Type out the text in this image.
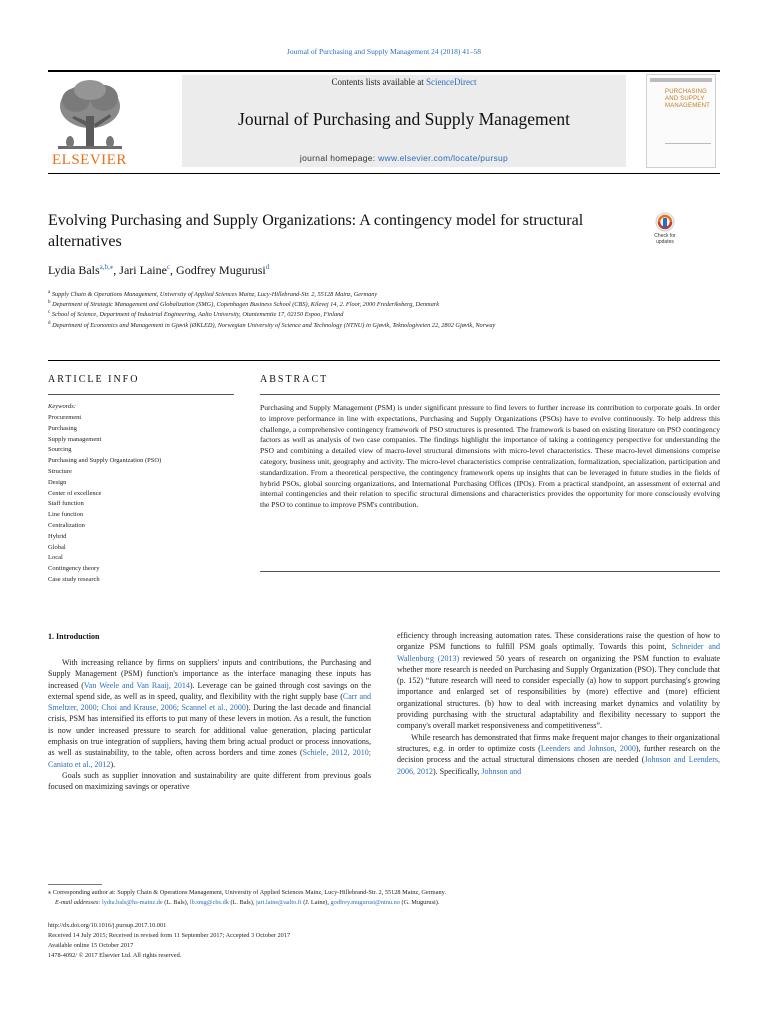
Journal of Purchasing and Supply Management 24 (2018) 41–58
ELSEVIER
Contents lists available at ScienceDirect
Journal of Purchasing and Supply Management
journal homepage: www.elsevier.com/locate/pursup
PURCHASING AND SUPPLY MANAGEMENT
Evolving Purchasing and Supply Organizations: A contingency model for structural alternatives	Check for updates
Lydia Bals$^{a,b,⁎}$, Jari Laine$^c$, Godfrey Mugurusi$^d$
$^a$ Supply Chain & Operations Management, University of Applied Sciences Mainz, Lucy-Hillebrand-Str. 2, 55128 Mainz, Germany
$^b$ Department of Strategic Management and Globalization (SMG), Copenhagen Business School (CBS), Kilevej 14, 2. Floor, 2000 Frederiksberg, Denmark
$^c$ School of Science, Department of Industrial Engineering, Aalto University, Otaniementie 17, 02150 Espoo, Finland
$^d$ Department of Economics and Management in Gjøvik (ØKLED), Norwegian University of Science and Technology (NTNU) in Gjøvik, Teknologiveien 22, 2802 Gjøvik, Norway
ARTICLE INFO	ABSTRACT
Keywords:
Procurement
Purchasing
Supply management
Sourcing
Purchasing and Supply Organization (PSO)
Structure
Design
Center of excellence
Staff function
Line function
Centralization
Hybrid
Global
Local
Contingency theory
Case study research
Purchasing and Supply Management (PSM) is under significant pressure to find levers to further increase its contribution to corporate goals. In order to improve performance in line with expectations, Purchasing and Supply Organizations (PSOs) have to evolve continuously. To help address this challenge, a comprehensive contingency framework of PSO structures is presented. The framework is based on existing literature on PSO contingency factors as well as analysis of two case companies. The findings highlight the importance of taking a contingency perspective for understanding the PSO and combining a detailed view of macro-level structural dimensions with micro-level characteristics. These macro-level dimensions comprise category, business unit, geography and activity. The micro-level characteristics comprise centralization, formalization, specialization, participation and standardization. From a theoretical perspective, the contingency framework opens up insights that can be leveraged in future studies in the fields of hybrid PSOs, global sourcing organizations, and International Purchasing Offices (IPOs). From a practical standpoint, an assessment of external and internal contingencies and their relation to specific structural dimensions and characteristics provides the opportunity for more consciously evolving the PSO to continue to improve PSM's contribution.
1. Introduction

With increasing reliance by firms on suppliers' inputs and contributions, the Purchasing and Supply Management (PSM) function's importance as the interface managing these inputs has increased (Van Weele and Van Raaij, 2014). Leverage can be gained through cost savings on the external spend side, as well as in speed, quality, and flexibility with the right supply base (Carr and Smeltzer, 2000; Choi and Krause, 2006; Scannel et al., 2000). During the last decade and financial crisis, PSM has intensified its efforts to put many of these levers in motion. As a result, the function is now under increased pressure to search for additional value generation, placing particular emphasis on true integration of suppliers, having them bring actual product or process innovations, as well as sustainability, to the table, often across borders and time zones (Schiele, 2012, 2010; Caniato et al., 2012).

Goals such as supplier innovation and sustainability are quite different from previous goals focused on maximizing savings or operative

efficiency through increasing automation rates. These considerations raise the question of how to organize PSM functions to fulfill PSM goals optimally. Towards this point, Schneider and Wallenburg (2013) reviewed 50 years of research on organizing the PSM function to evaluate whether more research is needed on Purchasing and Supply Organization (PSO). They conclude that (p. 152) “future research will need to consider especially (a) how to support purchasing's growing importance and enlarged set of responsibilities by (more) effective and (more) efficient organizational structures. (b) how to deal with increasing market dynamics and volatility by providing purchasing with the structural adaptability and flexibility necessary to support the company's overall market responsiveness and competitiveness”.

While research has demonstrated that firms make frequent major changes to their organizational structures, e.g. in order to optimize costs (Leenders and Johnson, 2000), further research on the decision process and the actual structural dimensions chosen are needed (Johnson and Leenders, 2006, 2012). Specifically, Johnson and

⁎ Corresponding author at: Supply Chain & Operations Management, University of Applied Sciences Mainz, Lucy-Hillebrand-Str. 2, 55128 Mainz, Germany.
E-mail addresses: lydia.bals@hs-mainz.de (L. Bals), lb.smg@cbs.dk (L. Bals), jari.laine@aalto.fi (J. Laine), godfrey.mugurusi@ntnu.no (G. Mugurusi).
http://dx.doi.org/10.1016/j.pursup.2017.10.001
Received 14 July 2015; Received in revised form 11 September 2017; Accepted 3 October 2017
Available online 15 October 2017
1478-4092/ © 2017 Elsevier Ltd. All rights reserved.
